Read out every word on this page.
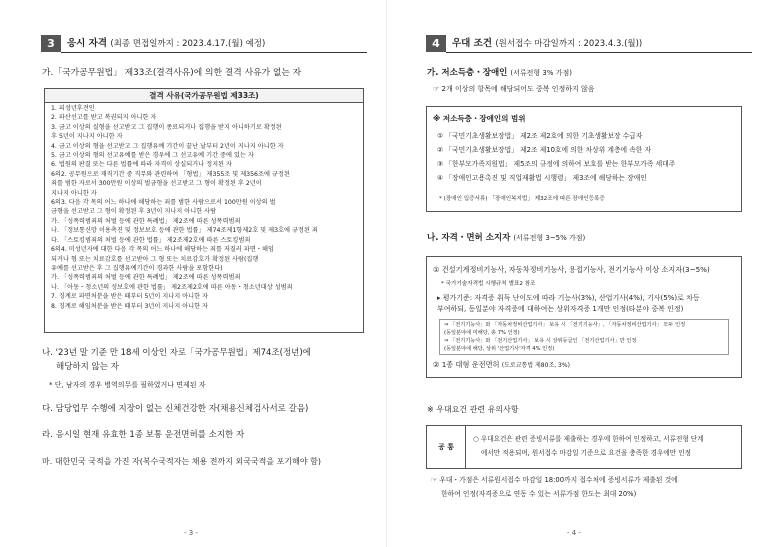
3	응시 자격 (최종 면접일까지 : 2023.4.17.(월) 예정)
가.「국가공무원법」 제33조(결격사유)에 의한 결격 사유가 없는 자
결격 사유(국가공무원법 제33조)
1. 피성년후견인
2. 파산선고를 받고 복권되지 아니한 자
3. 금고 이상의 실형을 선고받고 그 집행이 종료되거나 집행을 받지 아니하기로 확정된
후 5년이 지나지 아니한 자
4. 금고 이상의 형을 선고받고 그 집행유예 기간이 끝난 날부터 2년이 지나지 아니한 자
5. 금고 이상의 형의 선고유예를 받은 경우에 그 선고유예 기간 중에 있는 자
6. 법원의 판결 또는 다른 법률에 따라 자격이 상실되거나 정지된 자
6의2. 공무원으로 재직기간 중 직무와 관련하여 「형법」 제355조 및 제356조에 규정된
죄를 범한 자로서 300만원 이상의 벌금형을 선고받고 그 형이 확정된 후 2년이
지나지 아니한 자
6의3. 다음 각 목의 어느 하나에 해당하는 죄를 범한 사람으로서 100만원 이상의 벌
금형을 선고받고 그 형이 확정된 후 3년이 지나지 아니한 사람
가. 「성폭력범죄의 처벌 등에 관한 특례법」 제2조에 따른 성폭력범죄
나. 「정보통신망 이용촉진 및 정보보호 등에 관한 법률」 제74조제1항제2호 및 제3호에 규정된 죄
다. 「스토킹범죄의 처벌 등에 관한 법률」 제2조제2호에 따른 스토킹범죄
6의4. 미성년자에 대한 다음 각 목의 어느 하나에 해당하는 죄를 저질러 파면・해임
되거나 형 또는 치료감호를 선고받아 그 형 또는 치료감호가 확정된 사람(집행
유예를 선고받은 후 그 집행유예기간이 경과한 사람을 포함한다)
가. 「성폭력범죄의 처벌 등에 관한 특례법」 제2조에 따른 성폭력범죄
나. 「아동・청소년의 성보호에 관한 법률」 제2조제2호에 따른 아동・청소년대상 성범죄
7. 징계로 파면처분을 받은 때부터 5년이 지나지 아니한 자
8. 징계로 해임처분을 받은 때부터 3년이 지나지 아니한 자
나. '23년 말 기준 만 18세 이상인 자로「국가공무원법」제74조(정년)에
해당하지 않는 자
* 단, 남자의 경우 병역의무를 필하였거나 면제된 자
다. 담당업무 수행에 지장이 없는 신체건강한 자(채용신체검사서로 갈음)
라. 응시일 현재 유효한 1종 보통 운전면허를 소지한 자
마. 대한민국 국적을 가진 자(복수국적자는 채용 전까지 외국국적을 포기해야 함)
- 3 -
4	우대 조건 (원서접수 마감일까지 : 2023.4.3.(월))
가. 저소득층・장애인 (서류전형 3% 가점)
☞ 2개 이상의 항목에 해당되어도 중복 인정하지 않음
※ 저소득층・장애인의 범위
① 「국민기초생활보장법」 제2조 제2호에 의한 기초생활보장 수급자
② 「국민기초생활보장법」 제2조 제10호에 의한 차상위 계층에 속한 자
③ 「한부모가족지원법」 제5조의 규정에 의하여 보호를 받는 한부모가족 세대주
④ 「장애인고용촉진 및 직업재활법 시행령」 제3조에 해당하는 장애인
* (장애인 입증서류) 「장애인복지법」 제32조에 따른 장애인등록증
나. 자격・면허 소지자 (서류전형 3~5% 가점)
① 건설기계정비기능사, 자동차정비기능사, 용접기능사, 전기기능사 이상 소지자(3~5%)
* 국가기술자격법 시행규칙 별표2 참조
▸ 평가기준: 자격증 취득 난이도에 따라 기능사(3%), 산업기사(4%), 기사(5%)로 차등
부여하되, 동일분야 자격증에 대하여는 상위자격증 1개만 인정(타분야 중복 인정)
⇒ 「전기기능사」와 「자동차정비산업기사」 보유 시 「전기기능사」, 「자동차정비산업기사」 모두 인정
(동일분야에 미해당, 총 7% 인정)
⇒ 「전기기능사」와 「전기산업기사」 보유 시 상위등급인 「전기산업기사」만 인정
(동일분야에 해당, 상위 '산업기사'자격 4% 인정)
② 1종 대형 운전면허 (도로교통법 제80조, 3%)
※ 우대요건 관련 유의사항
공 통
○ 우대요건은 관련 증빙서류를 제출하는 경우에 한하여 인정하고, 서류전형 단계
에서만 적용되며, 원서접수 마감일 기준으로 요건을 충족한 경우에만 인정
☞ 우대・가점은 서류원서접수 마감일 18:00까지 접수처에 증빙서류가 제출된 것에
한하여 인정(자격증으로 연동 수 있는 서류가점 한도는 최대 20%)
- 4 -
